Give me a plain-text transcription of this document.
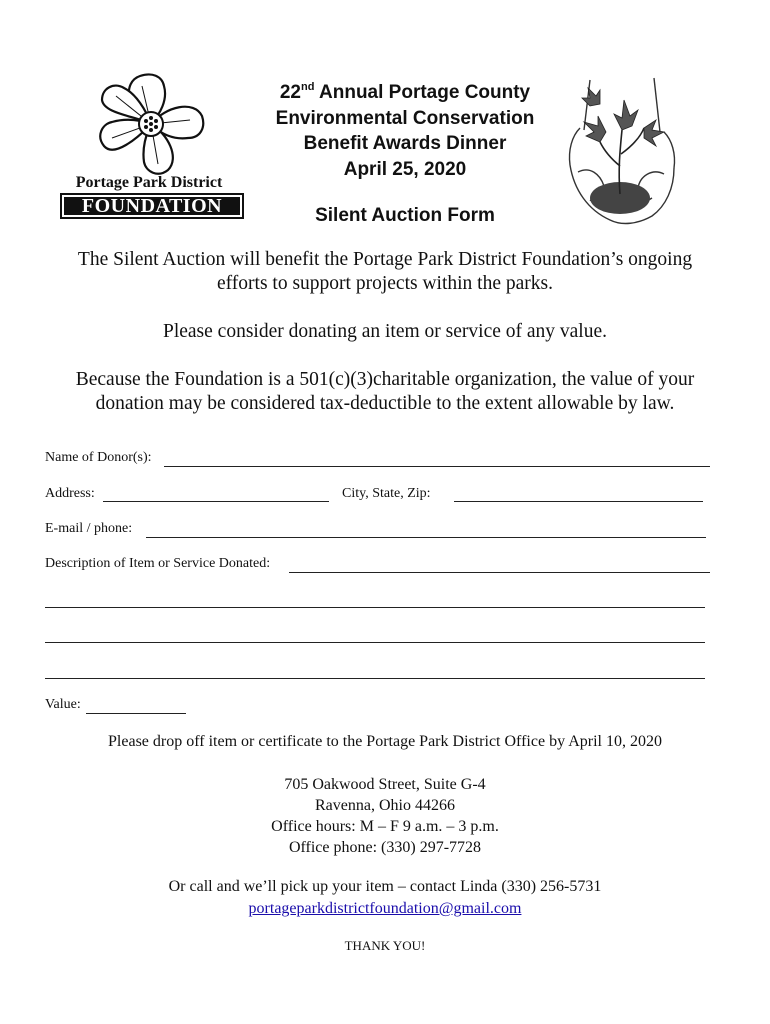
Portage Park District
FOUNDATION
22nd Annual Portage County
Environmental Conservation
Benefit Awards Dinner
April 25, 2020
Silent Auction Form
The Silent Auction will benefit the Portage Park District Foundation’s ongoing
efforts to support projects within the parks.
Please consider donating an item or service of any value.
Because the Foundation is a 501(c)(3)charitable organization, the value of your
donation may be considered tax-deductible to the extent allowable by law.
Name of Donor(s):
Address:	City, State, Zip:
E-mail / phone:
Description of Item or Service Donated:
Value:
Please drop off item or certificate to the Portage Park District Office by April 10, 2020
705 Oakwood Street, Suite G-4
Ravenna, Ohio 44266
Office hours: M – F 9 a.m. – 3 p.m.
Office phone: (330) 297-7728
Or call and we’ll pick up your item – contact Linda (330) 256-5731
portageparkdistrictfoundation@gmail.com
THANK YOU!
